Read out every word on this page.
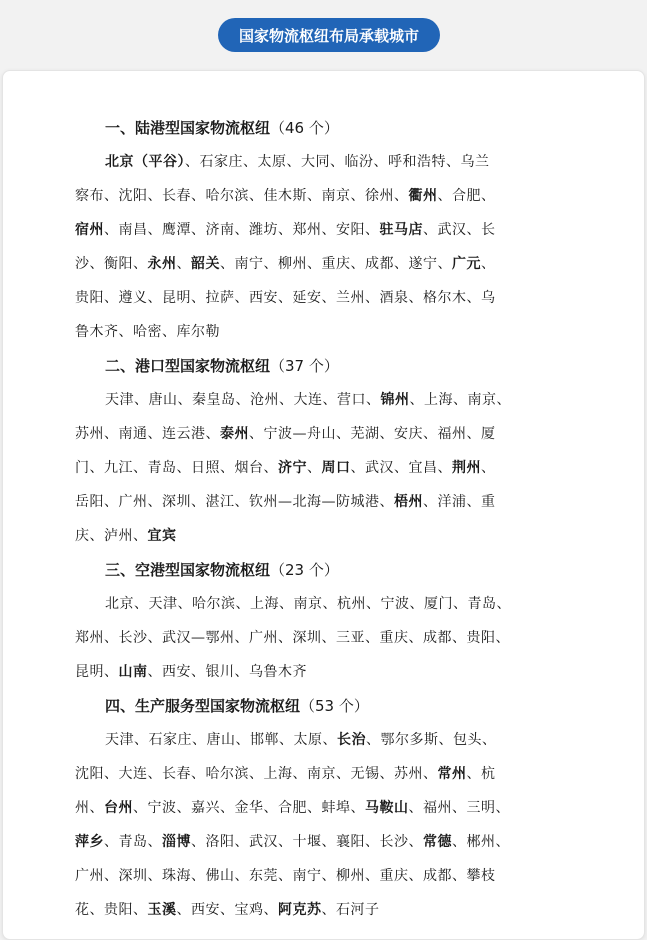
国家物流枢纽布局承载城市
一、陆港型国家物流枢纽（46 个）
北京（平谷）、石家庄、太原、大同、临汾、呼和浩特、乌兰
察布、沈阳、长春、哈尔滨、佳木斯、南京、徐州、衢州、合肥、
宿州、南昌、鹰潭、济南、潍坊、郑州、安阳、驻马店、武汉、长
沙、衡阳、永州、韶关、南宁、柳州、重庆、成都、遂宁、广元、
贵阳、遵义、昆明、拉萨、西安、延安、兰州、酒泉、格尔木、乌
鲁木齐、哈密、库尔勒
二、港口型国家物流枢纽（37 个）
天津、唐山、秦皇岛、沧州、大连、营口、锦州、上海、南京、
苏州、南通、连云港、泰州、宁波—舟山、芜湖、安庆、福州、厦
门、九江、青岛、日照、烟台、济宁、周口、武汉、宜昌、荆州、
岳阳、广州、深圳、湛江、钦州—北海—防城港、梧州、洋浦、重
庆、泸州、宜宾
三、空港型国家物流枢纽（23 个）
北京、天津、哈尔滨、上海、南京、杭州、宁波、厦门、青岛、
郑州、长沙、武汉—鄂州、广州、深圳、三亚、重庆、成都、贵阳、
昆明、山南、西安、银川、乌鲁木齐
四、生产服务型国家物流枢纽（53 个）
天津、石家庄、唐山、邯郸、太原、长治、鄂尔多斯、包头、
沈阳、大连、长春、哈尔滨、上海、南京、无锡、苏州、常州、杭
州、台州、宁波、嘉兴、金华、合肥、蚌埠、马鞍山、福州、三明、
萍乡、青岛、淄博、洛阳、武汉、十堰、襄阳、长沙、常德、郴州、
广州、深圳、珠海、佛山、东莞、南宁、柳州、重庆、成都、攀枝
花、贵阳、玉溪、西安、宝鸡、阿克苏、石河子
